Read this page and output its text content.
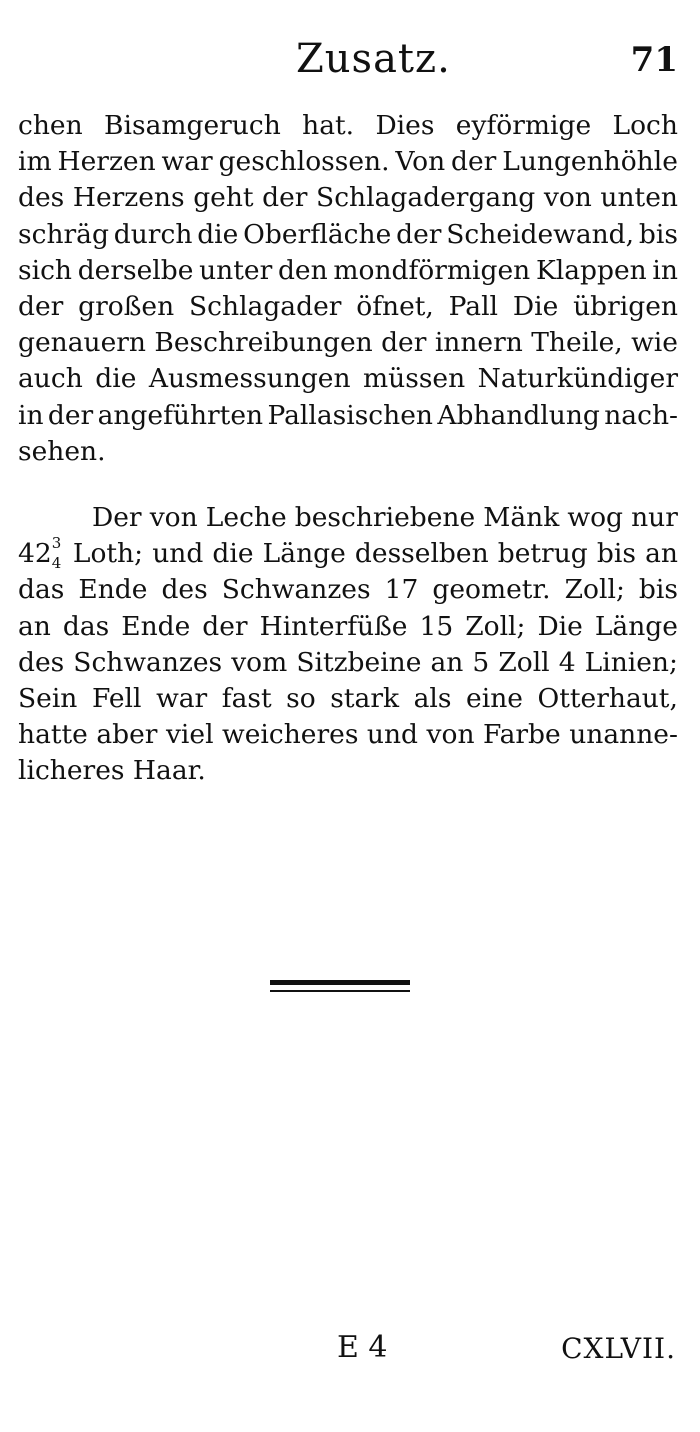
Zusatz.	71
chen Bisamgeruch hat. Dies eyförmige Loch
im Herzen war geschlossen. Von der Lungenhöhle
des Herzens geht der Schlagadergang von unten
schräg durch die Oberfläche der Scheidewand, bis
sich derselbe unter den mondförmigen Klappen in
der großen Schlagader öfnet, Pall Die übrigen
genauern Beschreibungen der innern Theile, wie
auch die Ausmessungen müssen Naturkündiger
in der angeführten Pallasischen Abhandlung nach-
sehen.
Der von Leche beschriebene Mänk wog nur
42 3
4 Loth; und die Länge desselben betrug bis an
das Ende des Schwanzes 17 geometr. Zoll; bis
an das Ende der Hinterfüße 15 Zoll; Die Länge
des Schwanzes vom Sitzbeine an 5 Zoll 4 Linien;
Sein Fell war fast so stark als eine Otterhaut,
hatte aber viel weicheres und von Farbe unanne-
licheres Haar.
E 4	CXLVII.
